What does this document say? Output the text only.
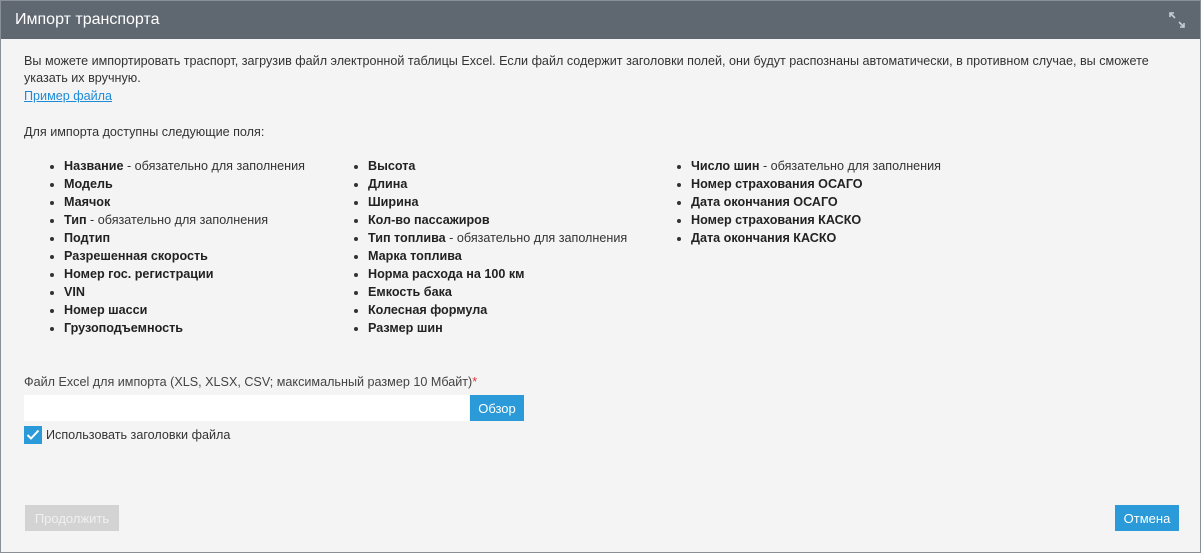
Импорт транспорта
Вы можете импортировать траспорт, загрузив файл электронной таблицы Excel. Если файл содержит заголовки полей, они будут распознаны автоматически, в противном случае, вы сможете указать их вручную.
Пример файла
Для импорта доступны следующие поля:
• Название - обязательно для заполнения
• Модель
• Маячок
• Тип - обязательно для заполнения
• Подтип
• Разрешенная скорость
• Номер гос. регистрации
• VIN
• Номер шасси
• Грузоподъемность
• Высота
• Длина
• Ширина
• Кол-во пассажиров
• Тип топлива - обязательно для заполнения
• Марка топлива
• Норма расхода на 100 км
• Емкость бака
• Колесная формула
• Размер шин
• Число шин - обязательно для заполнения
• Номер страхования ОСАГО
• Дата окончания ОСАГО
• Номер страхования КАСКО
• Дата окончания КАСКО
Файл Excel для импорта (XLS, XLSX, CSV; максимальный размер 10 Мбайт)*
Обзор
Использовать заголовки файла
Продолжить	Отмена
